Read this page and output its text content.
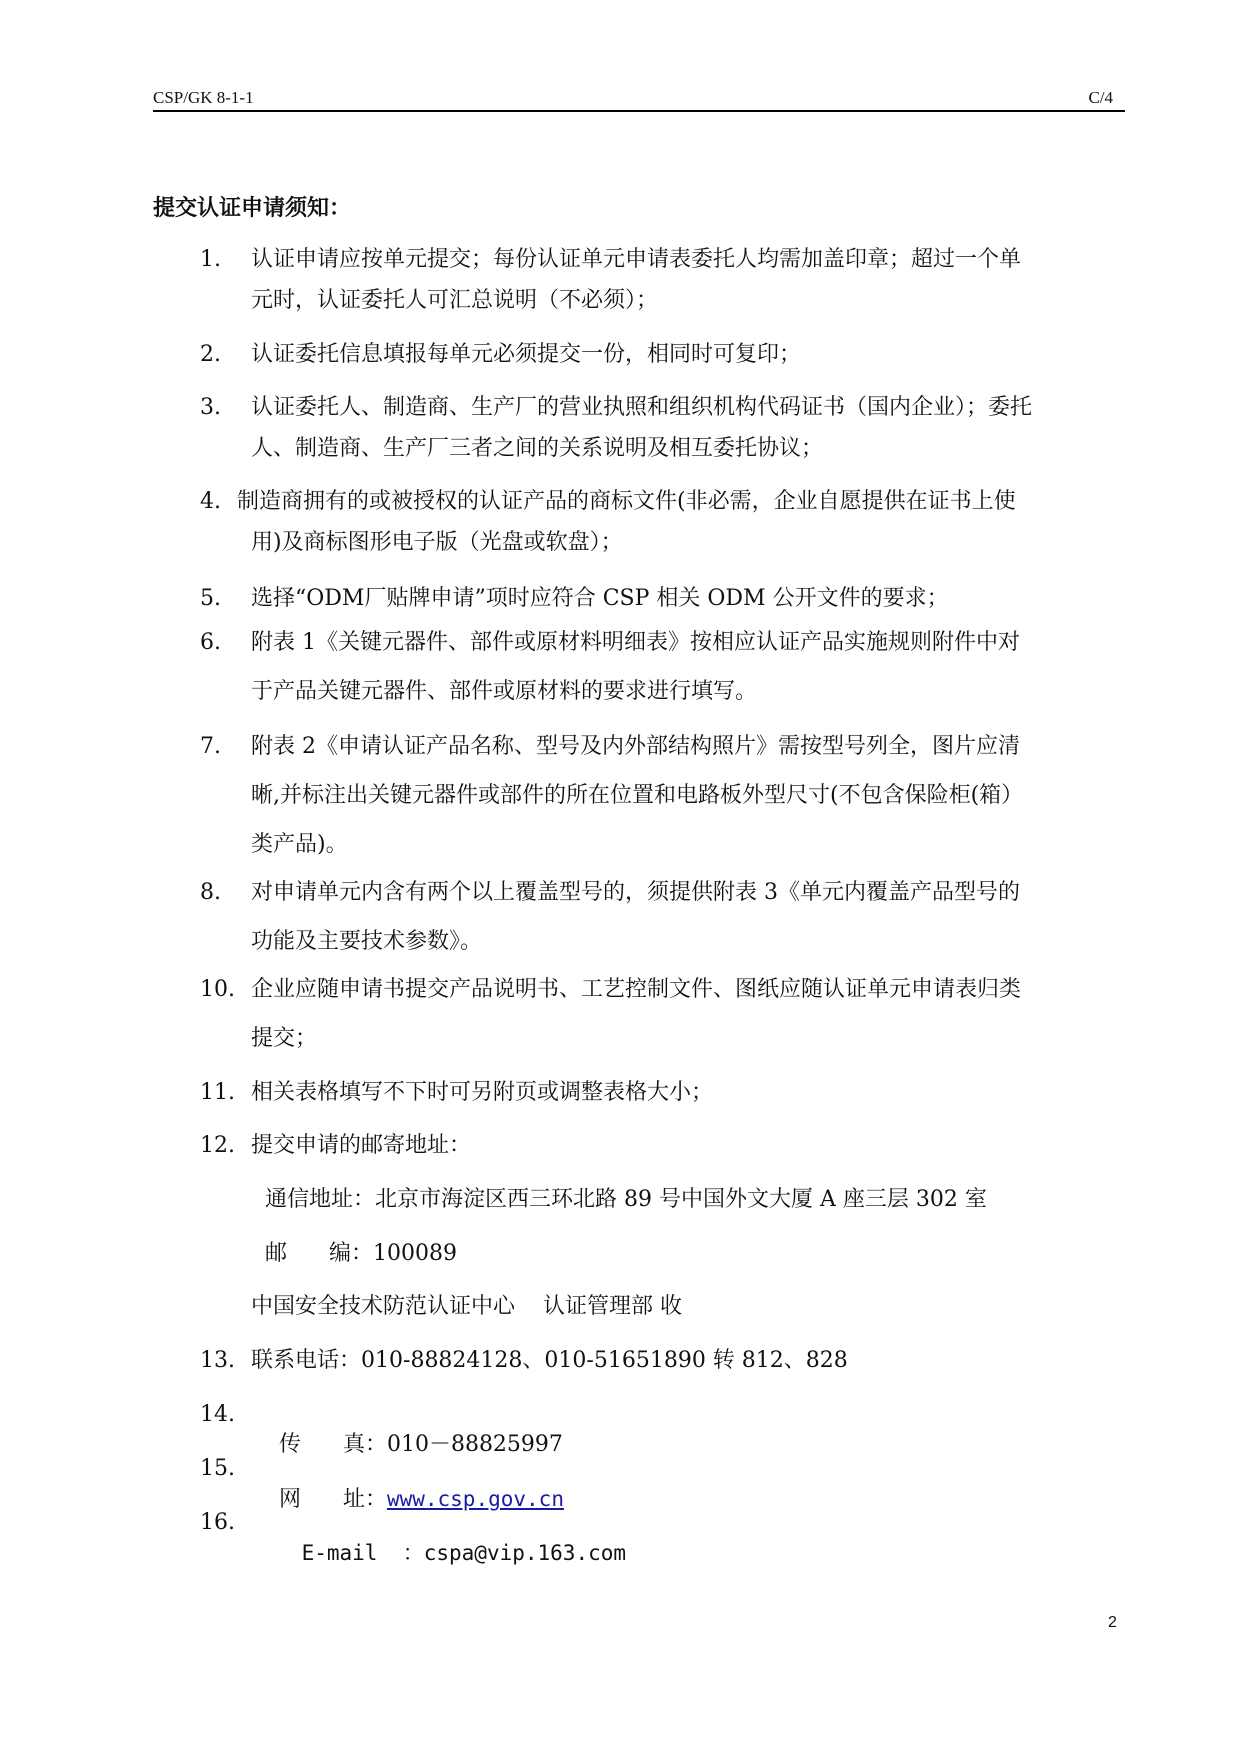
CSP/GK 8-1-1	C/4
提交认证申请须知：
1. 认证申请应按单元提交；每份认证单元申请表委托人均需加盖印章；超过一个单
元时，认证委托人可汇总说明（不必须）；
2. 认证委托信息填报每单元必须提交一份，相同时可复印；
3. 认证委托人、制造商、生产厂的营业执照和组织机构代码证书（国内企业）；委托
人、制造商、生产厂三者之间的关系说明及相互委托协议；
4. 制造商拥有的或被授权的认证产品的商标文件(非必需，企业自愿提供在证书上使
用)及商标图形电子版（光盘或软盘）；
5. 选择“ODM厂贴牌申请”项时应符合 CSP 相关 ODM 公开文件的要求；
6. 附表 1《关键元器件、部件或原材料明细表》按相应认证产品实施规则附件中对
于产品关键元器件、部件或原材料的要求进行填写。
7. 附表 2《申请认证产品名称、型号及内外部结构照片》需按型号列全，图片应清
晰,并标注出关键元器件或部件的所在位置和电路板外型尺寸(不包含保险柜(箱）
类产品)。
8. 对申请单元内含有两个以上覆盖型号的，须提供附表 3《单元内覆盖产品型号的
功能及主要技术参数》。
10. 企业应随申请书提交产品说明书、工艺控制文件、图纸应随认证单元申请表归类
提交；
11. 相关表格填写不下时可另附页或调整表格大小；
12. 提交申请的邮寄地址：
通信地址：北京市海淀区西三环北路 89 号中国外文大厦 A 座三层 302 室
邮      编：100089
中国安全技术防范认证中心    认证管理部 收
13. 联系电话：010-88824128、010-51651890 转 812、828
14.

传      真：010－88825997

15.

网      址：www.csp.gov.cn

16.

E-mail  ：cspa@vip.163.com

2
